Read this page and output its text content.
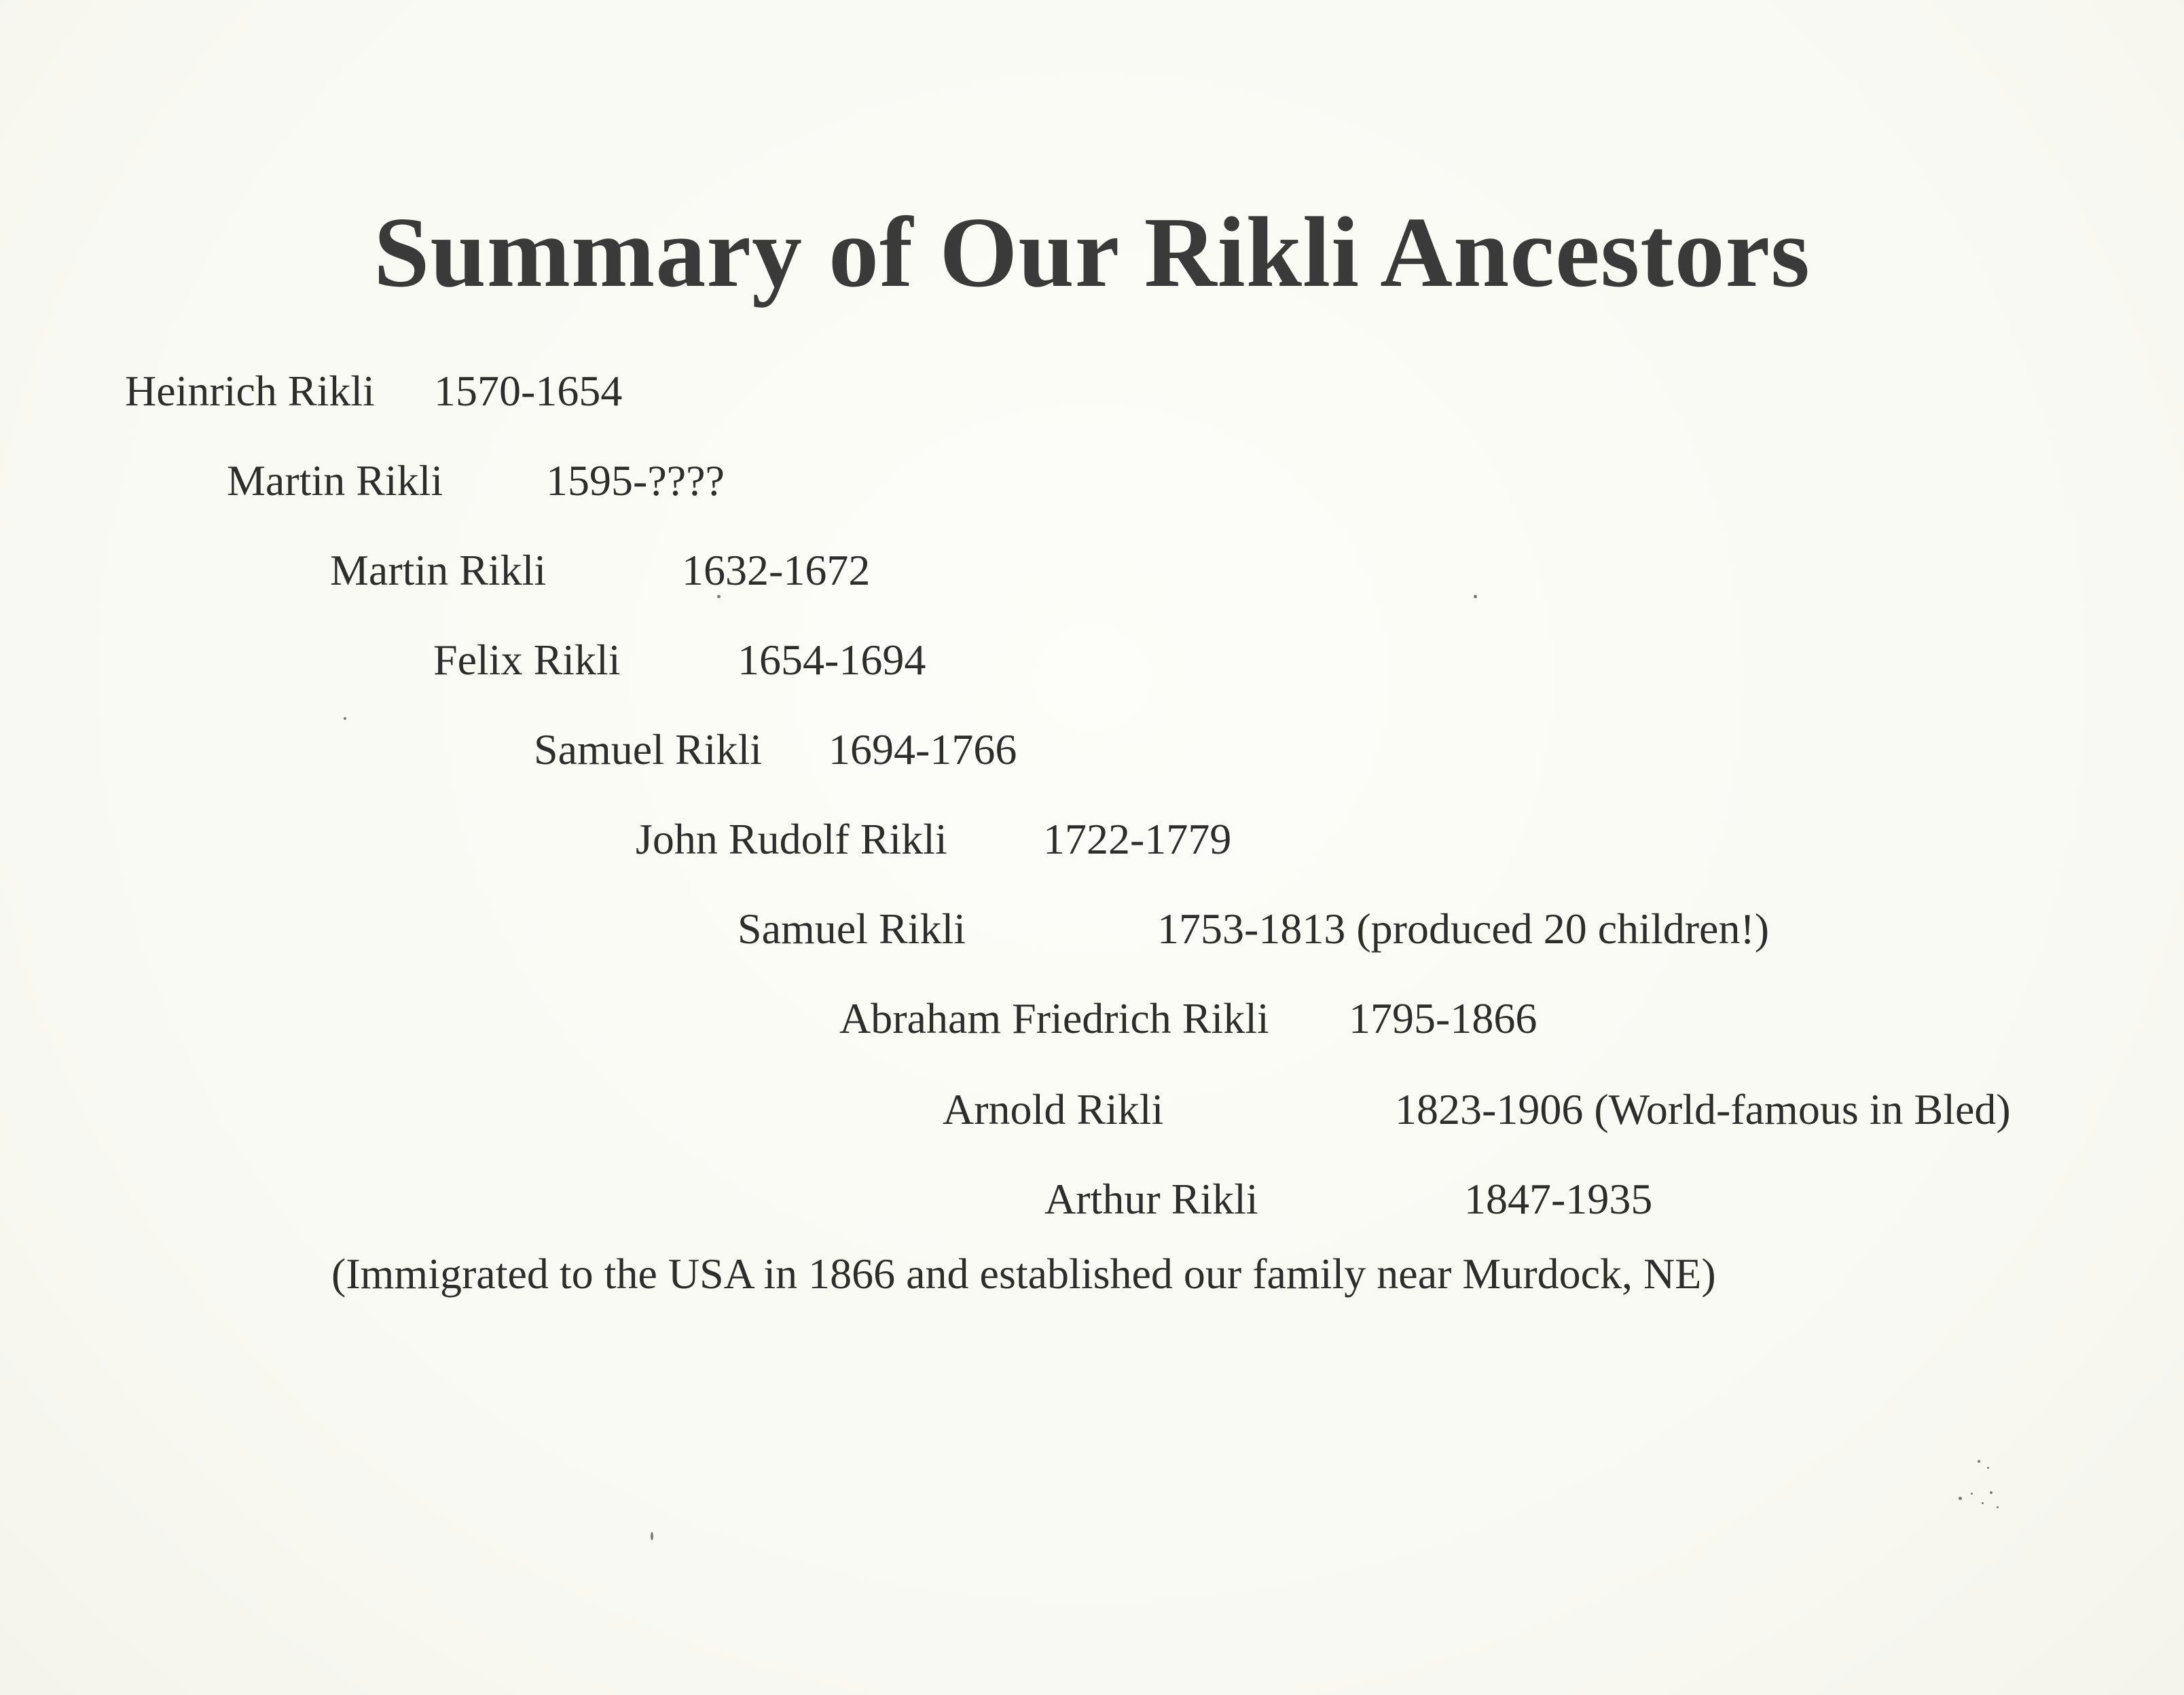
Summary of Our Rikli Ancestors
Heinrich Rikli 1570-1654
Martin Rikli 1595-????
Martin Rikli	1632-1672
Felix Rikli	1654-1694
Samuel Rikli 1694-1766
John Rudolf Rikli 1722-1779
Samuel Rikli	1753-1813 (produced 20 children!)
Abraham Friedrich Rikli 1795-1866
Arnold Rikli	1823-1906 (World-famous in Bled)
Arthur Rikli	1847-1935
(Immigrated to the USA in 1866 and established our family near Murdock, NE)
